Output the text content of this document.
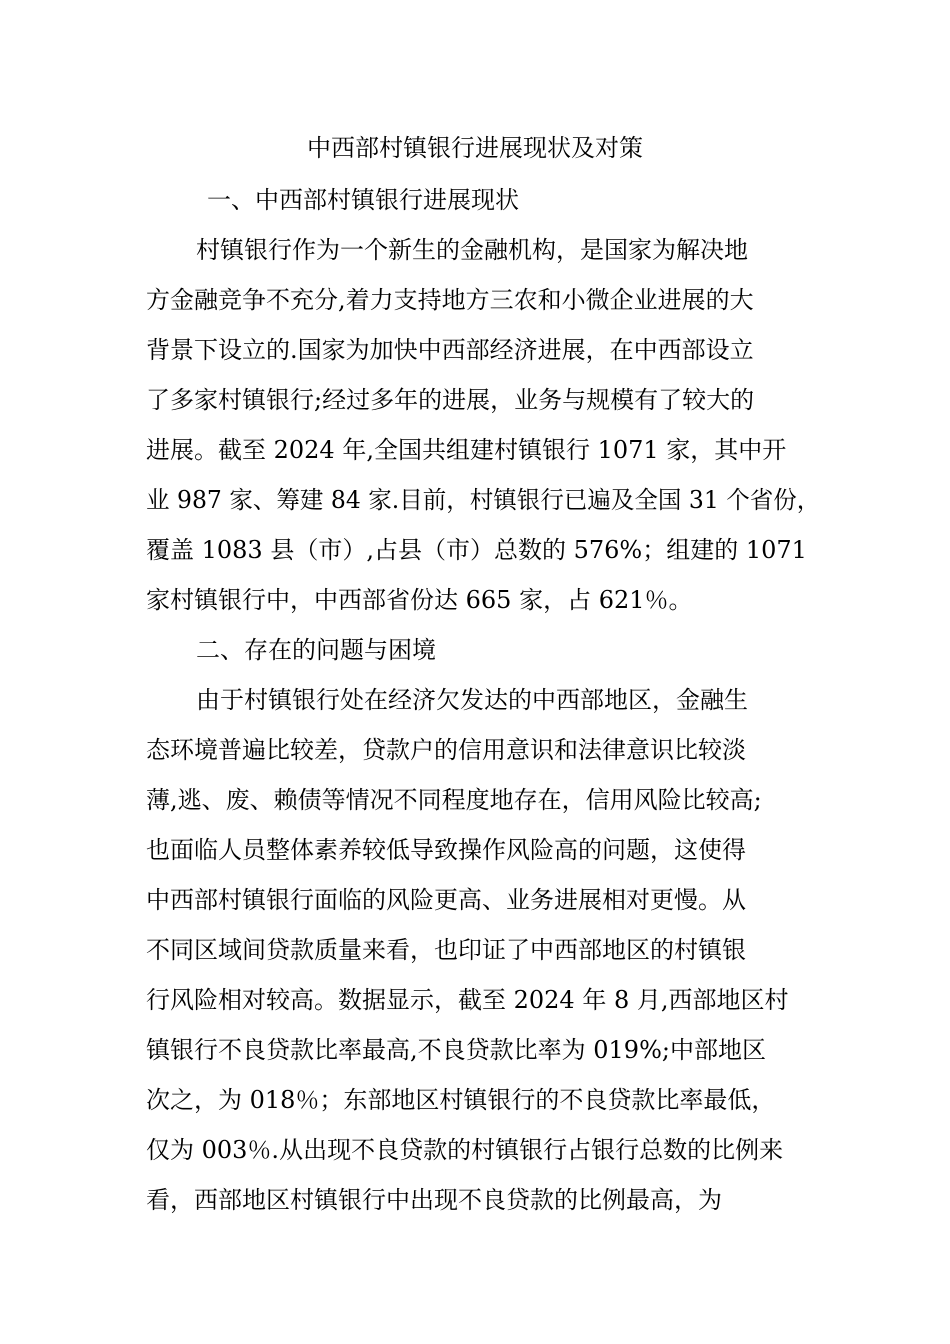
中西部村镇银行进展现状及对策
一、中西部村镇银行进展现状
村镇银行作为一个新生的金融机构，是国家为解决地
方金融竞争不充分,着力支持地方三农和小微企业进展的大
背景下设立的.国家为加快中西部经济进展，在中西部设立
了多家村镇银行;经过多年的进展，业务与规模有了较大的
进展。截至 2024 年,全国共组建村镇银行 1071 家，其中开
业 987 家、筹建 84 家.目前，村镇银行已遍及全国 31 个省份，
覆盖 1083 县（市）,占县（市）总数的 576%；组建的 1071
家村镇银行中，中西部省份达 665 家，占 621％。
二、存在的问题与困境
由于村镇银行处在经济欠发达的中西部地区，金融生
态环境普遍比较差，贷款户的信用意识和法律意识比较淡
薄,逃、废、赖债等情况不同程度地存在，信用风险比较高;
也面临人员整体素养较低导致操作风险高的问题，这使得
中西部村镇银行面临的风险更高、业务进展相对更慢。从
不同区域间贷款质量来看，也印证了中西部地区的村镇银
行风险相对较高。数据显示，截至 2024 年 8 月,西部地区村
镇银行不良贷款比率最高,不良贷款比率为 019%;中部地区
次之，为 018％；东部地区村镇银行的不良贷款比率最低，
仅为 003％.从出现不良贷款的村镇银行占银行总数的比例来
看，西部地区村镇银行中出现不良贷款的比例最高，为
